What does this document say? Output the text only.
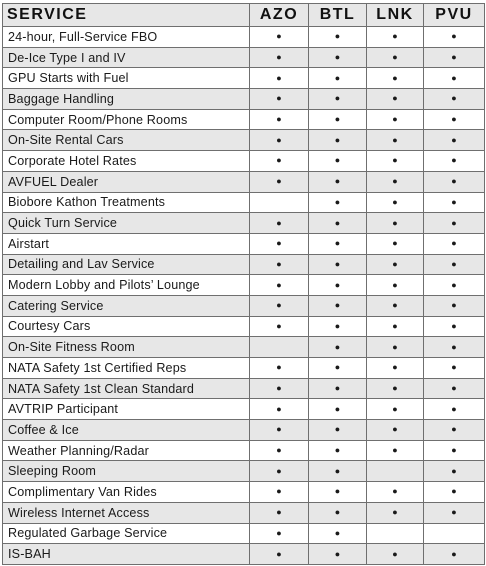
SERVICE	AZO	BTL	LNK	PVU
24-hour, Full-Service FBO	●	●	●	●
De-Ice Type I and IV	●	●	●	●
GPU Starts with Fuel	●	●	●	●
Baggage Handling	●	●	●	●
Computer Room/Phone Rooms	●	●	●	●
On-Site Rental Cars	●	●	●	●
Corporate Hotel Rates	●	●	●	●
AVFUEL Dealer	●	●	●	●
Biobore Kathon Treatments		●	●	●
Quick Turn Service	●	●	●	●
Airstart	●	●	●	●
Detailing and Lav Service	●	●	●	●
Modern Lobby and Pilots’ Lounge	●	●	●	●
Catering Service	●	●	●	●
Courtesy Cars	●	●	●	●
On-Site Fitness Room		●	●	●
NATA Safety 1st Certified Reps	●	●	●	●
NATA Safety 1st Clean Standard	●	●	●	●
AVTRIP Participant	●	●	●	●
Coffee & Ice	●	●	●	●
Weather Planning/Radar	●	●	●	●
Sleeping Room	●	●		●
Complimentary Van Rides	●	●	●	●
Wireless Internet Access	●	●	●	●
Regulated Garbage Service	●	●		
IS-BAH	●	●	●	●
